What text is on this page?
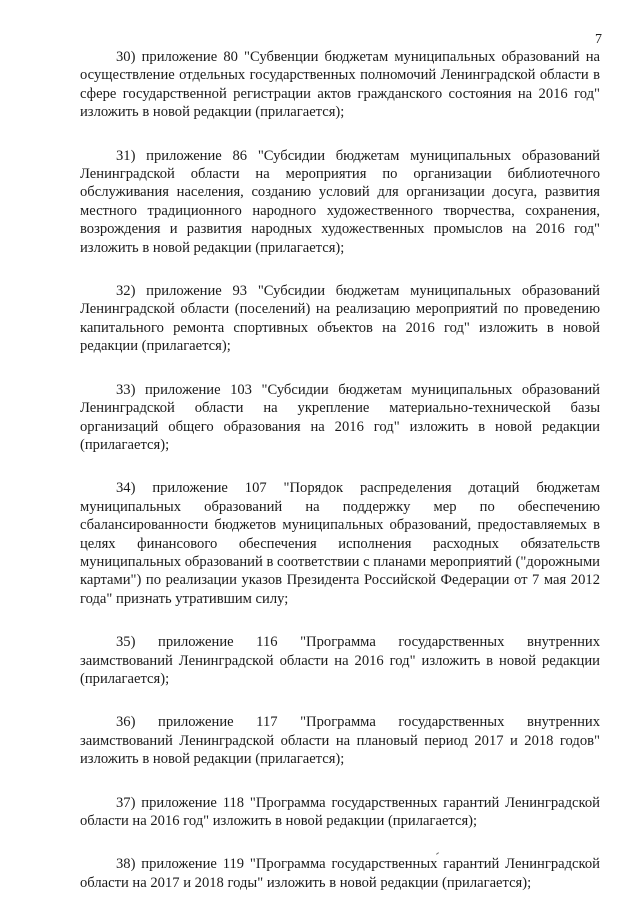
7

30) приложение 80 "Субвенции бюджетам муниципальных образований на осуществление отдельных государственных полномочий Ленинградской области в сфере государственной регистрации актов гражданского состояния на 2016 год" изложить в новой редакции (прилагается);

31) приложение 86 "Субсидии бюджетам муниципальных образований Ленинградской области на мероприятия по организации библиотечного обслуживания населения, созданию условий для организации досуга, развития местного традиционного народного художественного творчества, сохранения, возрождения и развития народных художественных промыслов на 2016 год" изложить в новой редакции (прилагается);

32) приложение 93 "Субсидии бюджетам муниципальных образований Ленинградской области (поселений) на реализацию мероприятий по проведению капитального ремонта спортивных объектов на 2016 год" изложить в новой редакции (прилагается);

33) приложение 103 "Субсидии бюджетам муниципальных образований Ленинградской области на укрепление материально-технической базы организаций общего образования на 2016 год" изложить в новой редакции (прилагается);

34) приложение 107 "Порядок распределения дотаций бюджетам муниципальных образований на поддержку мер по обеспечению сбалансированности бюджетов муниципальных образований, предоставляемых в целях финансового обеспечения исполнения расходных обязательств муниципальных образований в соответствии с планами мероприятий ("дорожными картами") по реализации указов Президента Российской Федерации от 7 мая 2012 года" признать утратившим силу;

35) приложение 116 "Программа государственных внутренних заимствований Ленинградской области на 2016 год" изложить в новой редакции (прилагается);

36) приложение 117 "Программа государственных внутренних заимствований Ленинградской области на плановый период 2017 и 2018 годов" изложить в новой редакции (прилагается);

37) приложение 118 "Программа государственных гарантий Ленинградской области на 2016 год" изложить в новой редакции (прилагается);

38) приложение 119 "Программа государственных гарантий Ленинградской области на 2017 и 2018 годы" изложить в новой редакции (прилагается);
